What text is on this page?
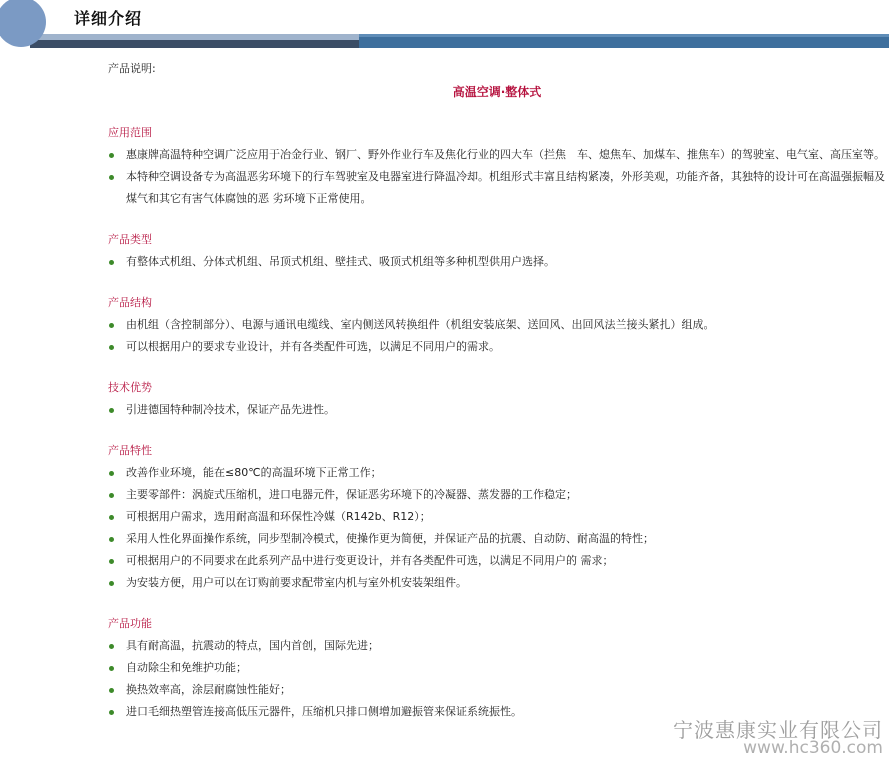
详细介绍
产品说明:
高温空调·整体式
应用范围
惠康牌高温特种空调广泛应用于冶金行业、钢厂、野外作业行车及焦化行业的四大车（拦焦　车、熄焦车、加煤车、推焦车）的驾驶室、电气室、高压室等。
本特种空调设备专为高温恶劣环境下的行车驾驶室及电器室进行降温冷却。机组形式丰富且结构紧凑，外形美观，功能齐备，其独特的设计可在高温强振幅及煤气和其它有害气体腐蚀的恶 劣环境下正常使用。
产品类型
有整体式机组、分体式机组、吊顶式机组、壁挂式、吸顶式机组等多种机型供用户选择。
产品结构
由机组（含控制部分）、电源与通讯电缆线、室内侧送风转换组件（机组安装底架、送回风、出回风法兰接头紧扎）组成。
可以根据用户的要求专业设计，并有各类配件可选，以满足不同用户的需求。
技术优势
引进德国特种制冷技术，保证产品先进性。
产品特性
改善作业环境，能在≤80℃的高温环境下正常工作；
主要零部件：涡旋式压缩机，进口电器元件，保证恶劣环境下的冷凝器、蒸发器的工作稳定；
可根据用户需求，选用耐高温和环保性冷媒（R142b、R12）；
采用人性化界面操作系统，同步型制冷模式，使操作更为简便，并保证产品的抗震、自动防、耐高温的特性；
可根据用户的不同要求在此系列产品中进行变更设计，并有各类配件可选，以满足不同用户的 需求；
为安装方便，用户可以在订购前要求配带室内机与室外机安装架组件。
产品功能
具有耐高温，抗震动的特点，国内首创，国际先进；
自动除尘和免维护功能；
换热效率高，涂层耐腐蚀性能好；
进口毛细热塑管连接高低压元器件，压缩机只排口侧增加避振管来保证系统振性。
宁波惠康实业有限公司
www.hc360.com
